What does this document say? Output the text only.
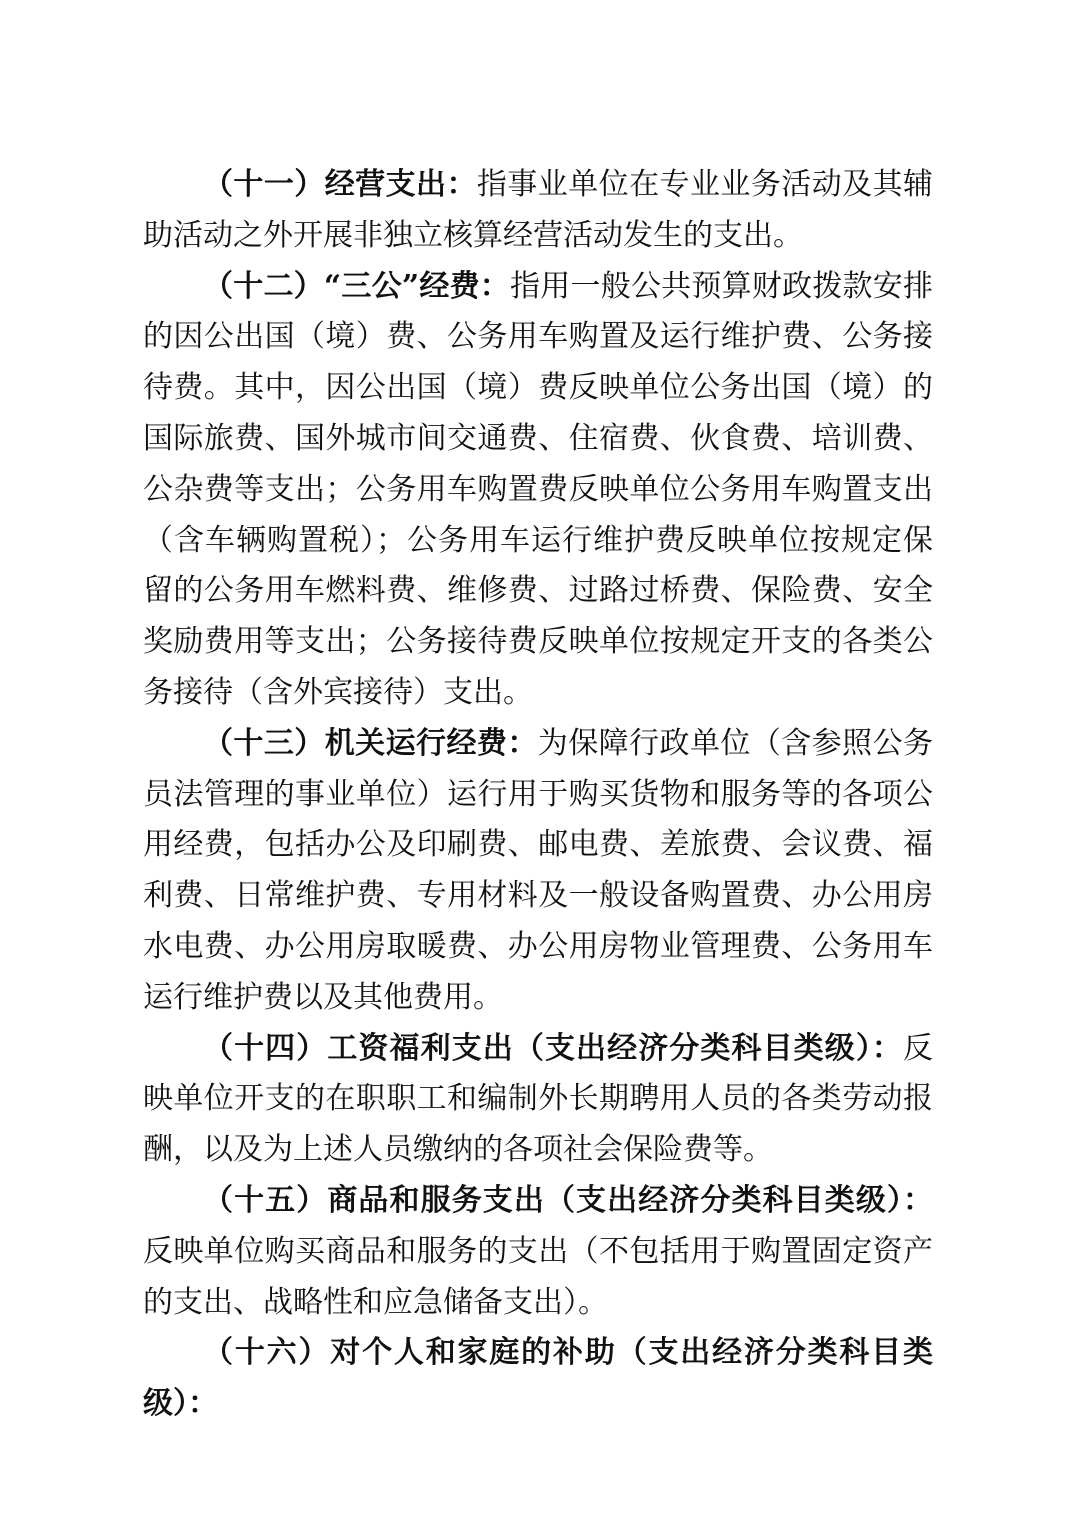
（十一）经营支出：指事业单位在专业业务活动及其辅助活动之外开展非独立核算经营活动发生的支出。

（十二）“三公”经费：指用一般公共预算财政拨款安排的因公出国（境）费、公务用车购置及运行维护费、公务接待费。其中，因公出国（境）费反映单位公务出国（境）的国际旅费、国外城市间交通费、住宿费、伙食费、培训费、公杂费等支出；公务用车购置费反映单位公务用车购置支出（含车辆购置税）；公务用车运行维护费反映单位按规定保留的公务用车燃料费、维修费、过路过桥费、保险费、安全奖励费用等支出；公务接待费反映单位按规定开支的各类公务接待（含外宾接待）支出。

（十三）机关运行经费：为保障行政单位（含参照公务员法管理的事业单位）运行用于购买货物和服务等的各项公用经费，包括办公及印刷费、邮电费、差旅费、会议费、福利费、日常维护费、专用材料及一般设备购置费、办公用房水电费、办公用房取暖费、办公用房物业管理费、公务用车运行维护费以及其他费用。

（十四）工资福利支出（支出经济分类科目类级）：反映单位开支的在职职工和编制外长期聘用人员的各类劳动报酬，以及为上述人员缴纳的各项社会保险费等。

（十五）商品和服务支出（支出经济分类科目类级）：反映单位购买商品和服务的支出（不包括用于购置固定资产的支出、战略性和应急储备支出）。

（十六）对个人和家庭的补助（支出经济分类科目类级）：
